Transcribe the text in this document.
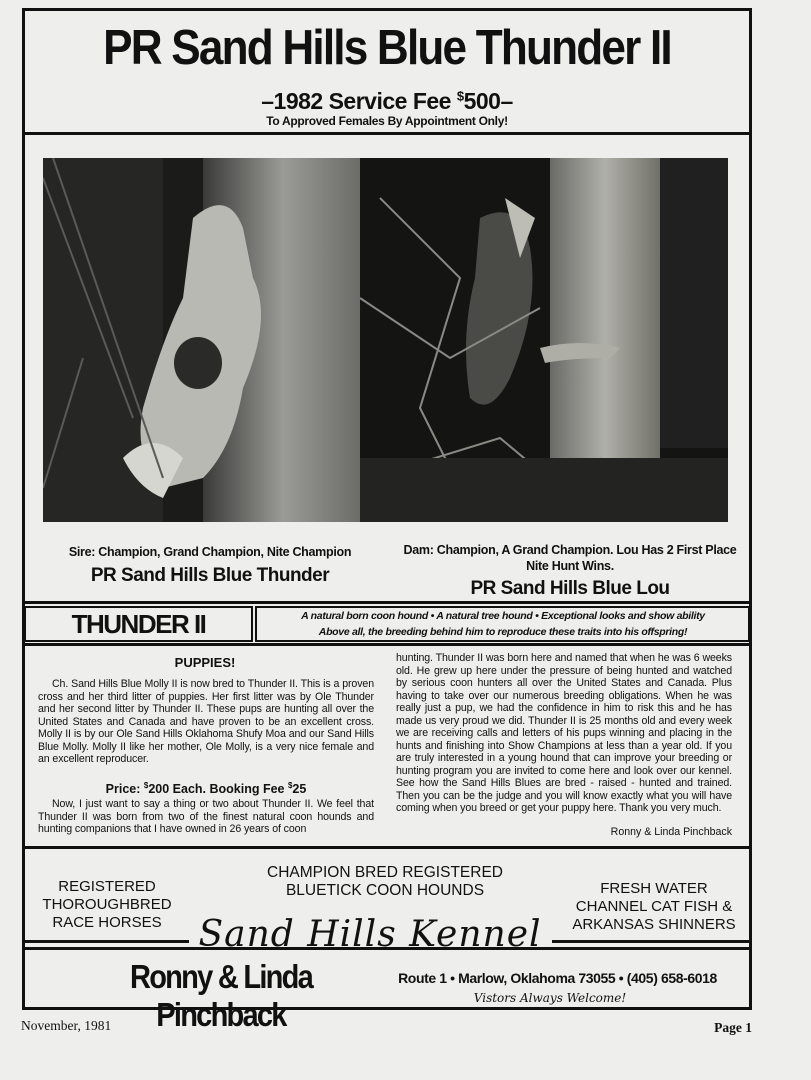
PR Sand Hills Blue Thunder II
–1982 Service Fee $500–
To Approved Females By Appointment Only!
Sire: Champion, Grand Champion, Nite Champion
PR Sand Hills Blue Thunder
Dam: Champion, A Grand Champion. Lou Has 2 First Place
Nite Hunt Wins.
PR Sand Hills Blue Lou
THUNDER II	A natural born coon hound • A natural tree hound • Exceptional looks and show ability
Above all, the breeding behind him to reproduce these traits into his offspring!
PUPPIES!

Ch. Sand Hills Blue Molly II is now bred to Thunder II. This is a proven cross and her third litter of puppies. Her first litter was by Ole Thunder and her second litter by Thunder II. These pups are hunting all over the United States and Canada and have proven to be an excellent cross. Molly II is by our Ole Sand Hills Oklahoma Shufy Moa and our Sand Hills Blue Molly. Molly II like her mother, Ole Molly, is a very nice female and an excellent reproducer.

Price: $200 Each. Booking Fee $25
Now, I just want to say a thing or two about Thunder II. We feel that Thunder II was born from two of the finest natural coon hounds and hunting companions that I have owned in 26 years of coon
hunting. Thunder II was born here and named that when he was 6 weeks old. He grew up here under the pressure of being hunted and watched by serious coon hunters all over the United States and Canada. Plus having to take over our numerous breeding obligations. When he was really just a pup, we had the confidence in him to risk this and he has made us very proud we did. Thunder II is 25 months old and every week we are receiving calls and letters of his pups winning and placing in the hunts and finishing into Show Champions at less than a year old. If you are truly interested in a young hound that can improve your breeding or hunting program you are invited to come here and look over our kennel. See how the Sand Hills Blues are bred - raised - hunted and trained. Then you can be the judge and you will know exactly what you will have coming when you breed or get your puppy here. Thank you very much.
Ronny & Linda Pinchback
REGISTERED
THOROUGHBRED
RACE HORSES
CHAMPION BRED REGISTERED
BLUETICK COON HOUNDS	FRESH WATER
CHANNEL CAT FISH &
ARKANSAS SHINNERS
Sand Hills Kennel
Ronny & Linda Pinchback
Route 1 • Marlow, Oklahoma 73055 • (405) 658-6018
Vistors Always Welcome!
November, 1981	Page 1
